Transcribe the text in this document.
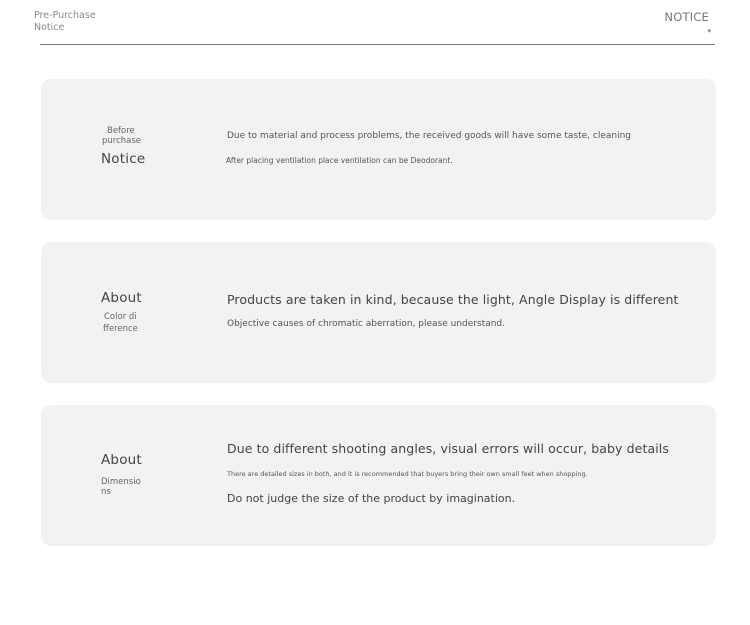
Pre-Purchase
Notice
NOTICE
▾
Before
purchase
Notice
Due to material and process problems, the received goods will have some taste, cleaning
After placing ventilation place ventilation can be Deodorant.
About
Color di
fference
Products are taken in kind, because the light, Angle Display is different
Objective causes of chromatic aberration, please understand.
About
Dimensio
ns
Due to different shooting angles, visual errors will occur, baby details
There are detailed sizes in both, and it is recommended that buyers bring their own small feet when shopping.
Do not judge the size of the product by imagination.
